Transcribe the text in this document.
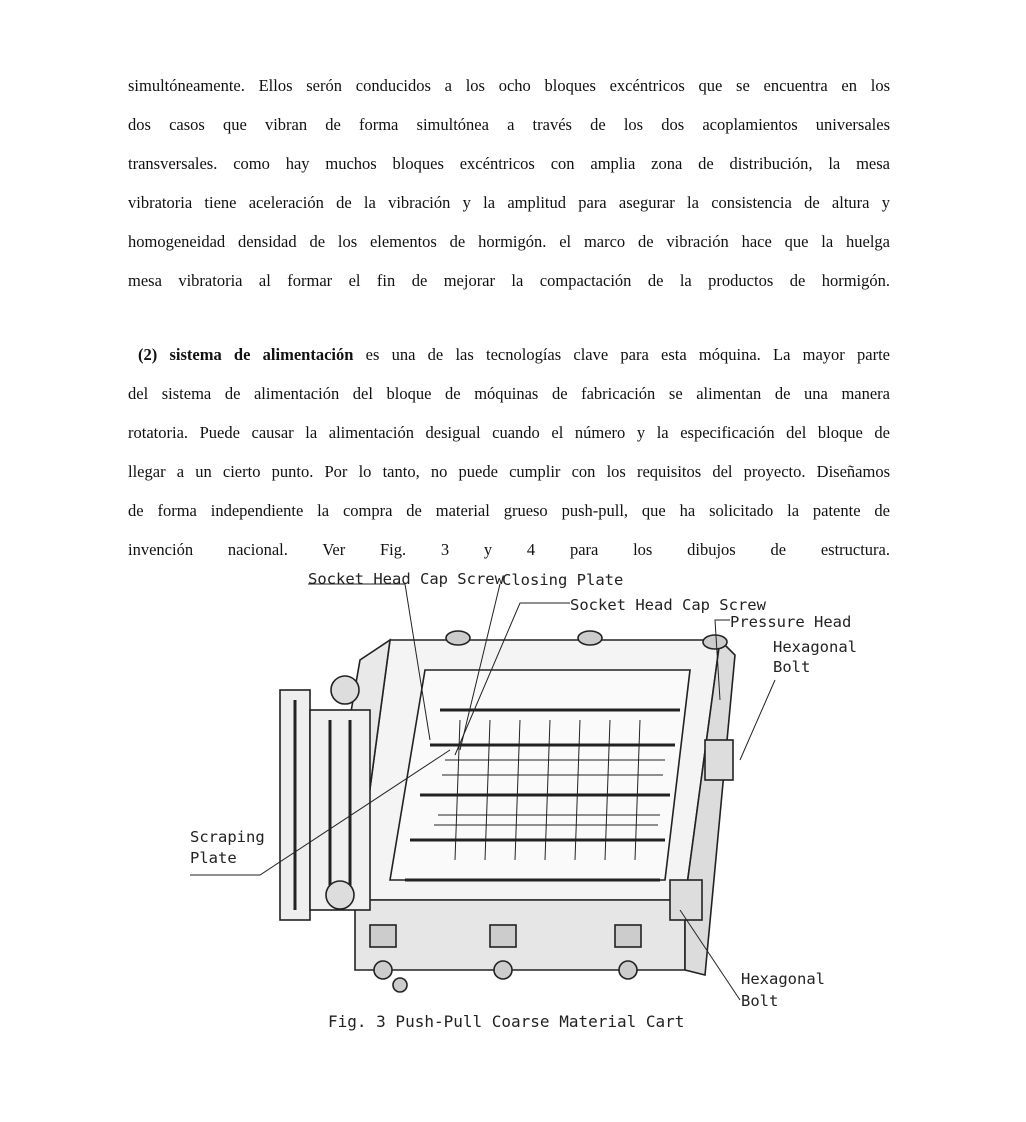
simultóneamente. Ellos serón conducidos a los ocho bloques excéntricos que se encuentra en los
dos casos que vibran de forma simultónea a través de los dos acoplamientos universales
transversales. como hay muchos bloques excéntricos con amplia zona de distribución, la mesa
vibratoria tiene aceleración de la vibración y la amplitud para asegurar la consistencia de altura y
homogeneidad densidad de los elementos de hormigón. el marco de vibración hace que la huelga
mesa vibratoria al formar el fin de mejorar la compactación de la productos de hormigón.
(2) sistema de alimentación es una de las tecnologías clave para esta móquina. La mayor parte
del sistema de alimentación del bloque de móquinas de fabricación se alimentan de una manera
rotatoria. Puede causar la alimentación desigual cuando el número y la especificación del bloque de
llegar a un cierto punto. Por lo tanto, no puede cumplir con los requisitos del proyecto. Diseñamos
de forma independiente la compra de material grueso push-pull, que ha solicitado la patente de
invención nacional. Ver Fig. 3 y 4 para los dibujos de estructura.
Socket Head Cap Screw
Closing Plate
Socket Head Cap Screw
Pressure Head
Hexagonal
Bolt
Scraping
Plate
Hexagonal
Bolt
Fig. 3 Push-Pull Coarse Material Cart
